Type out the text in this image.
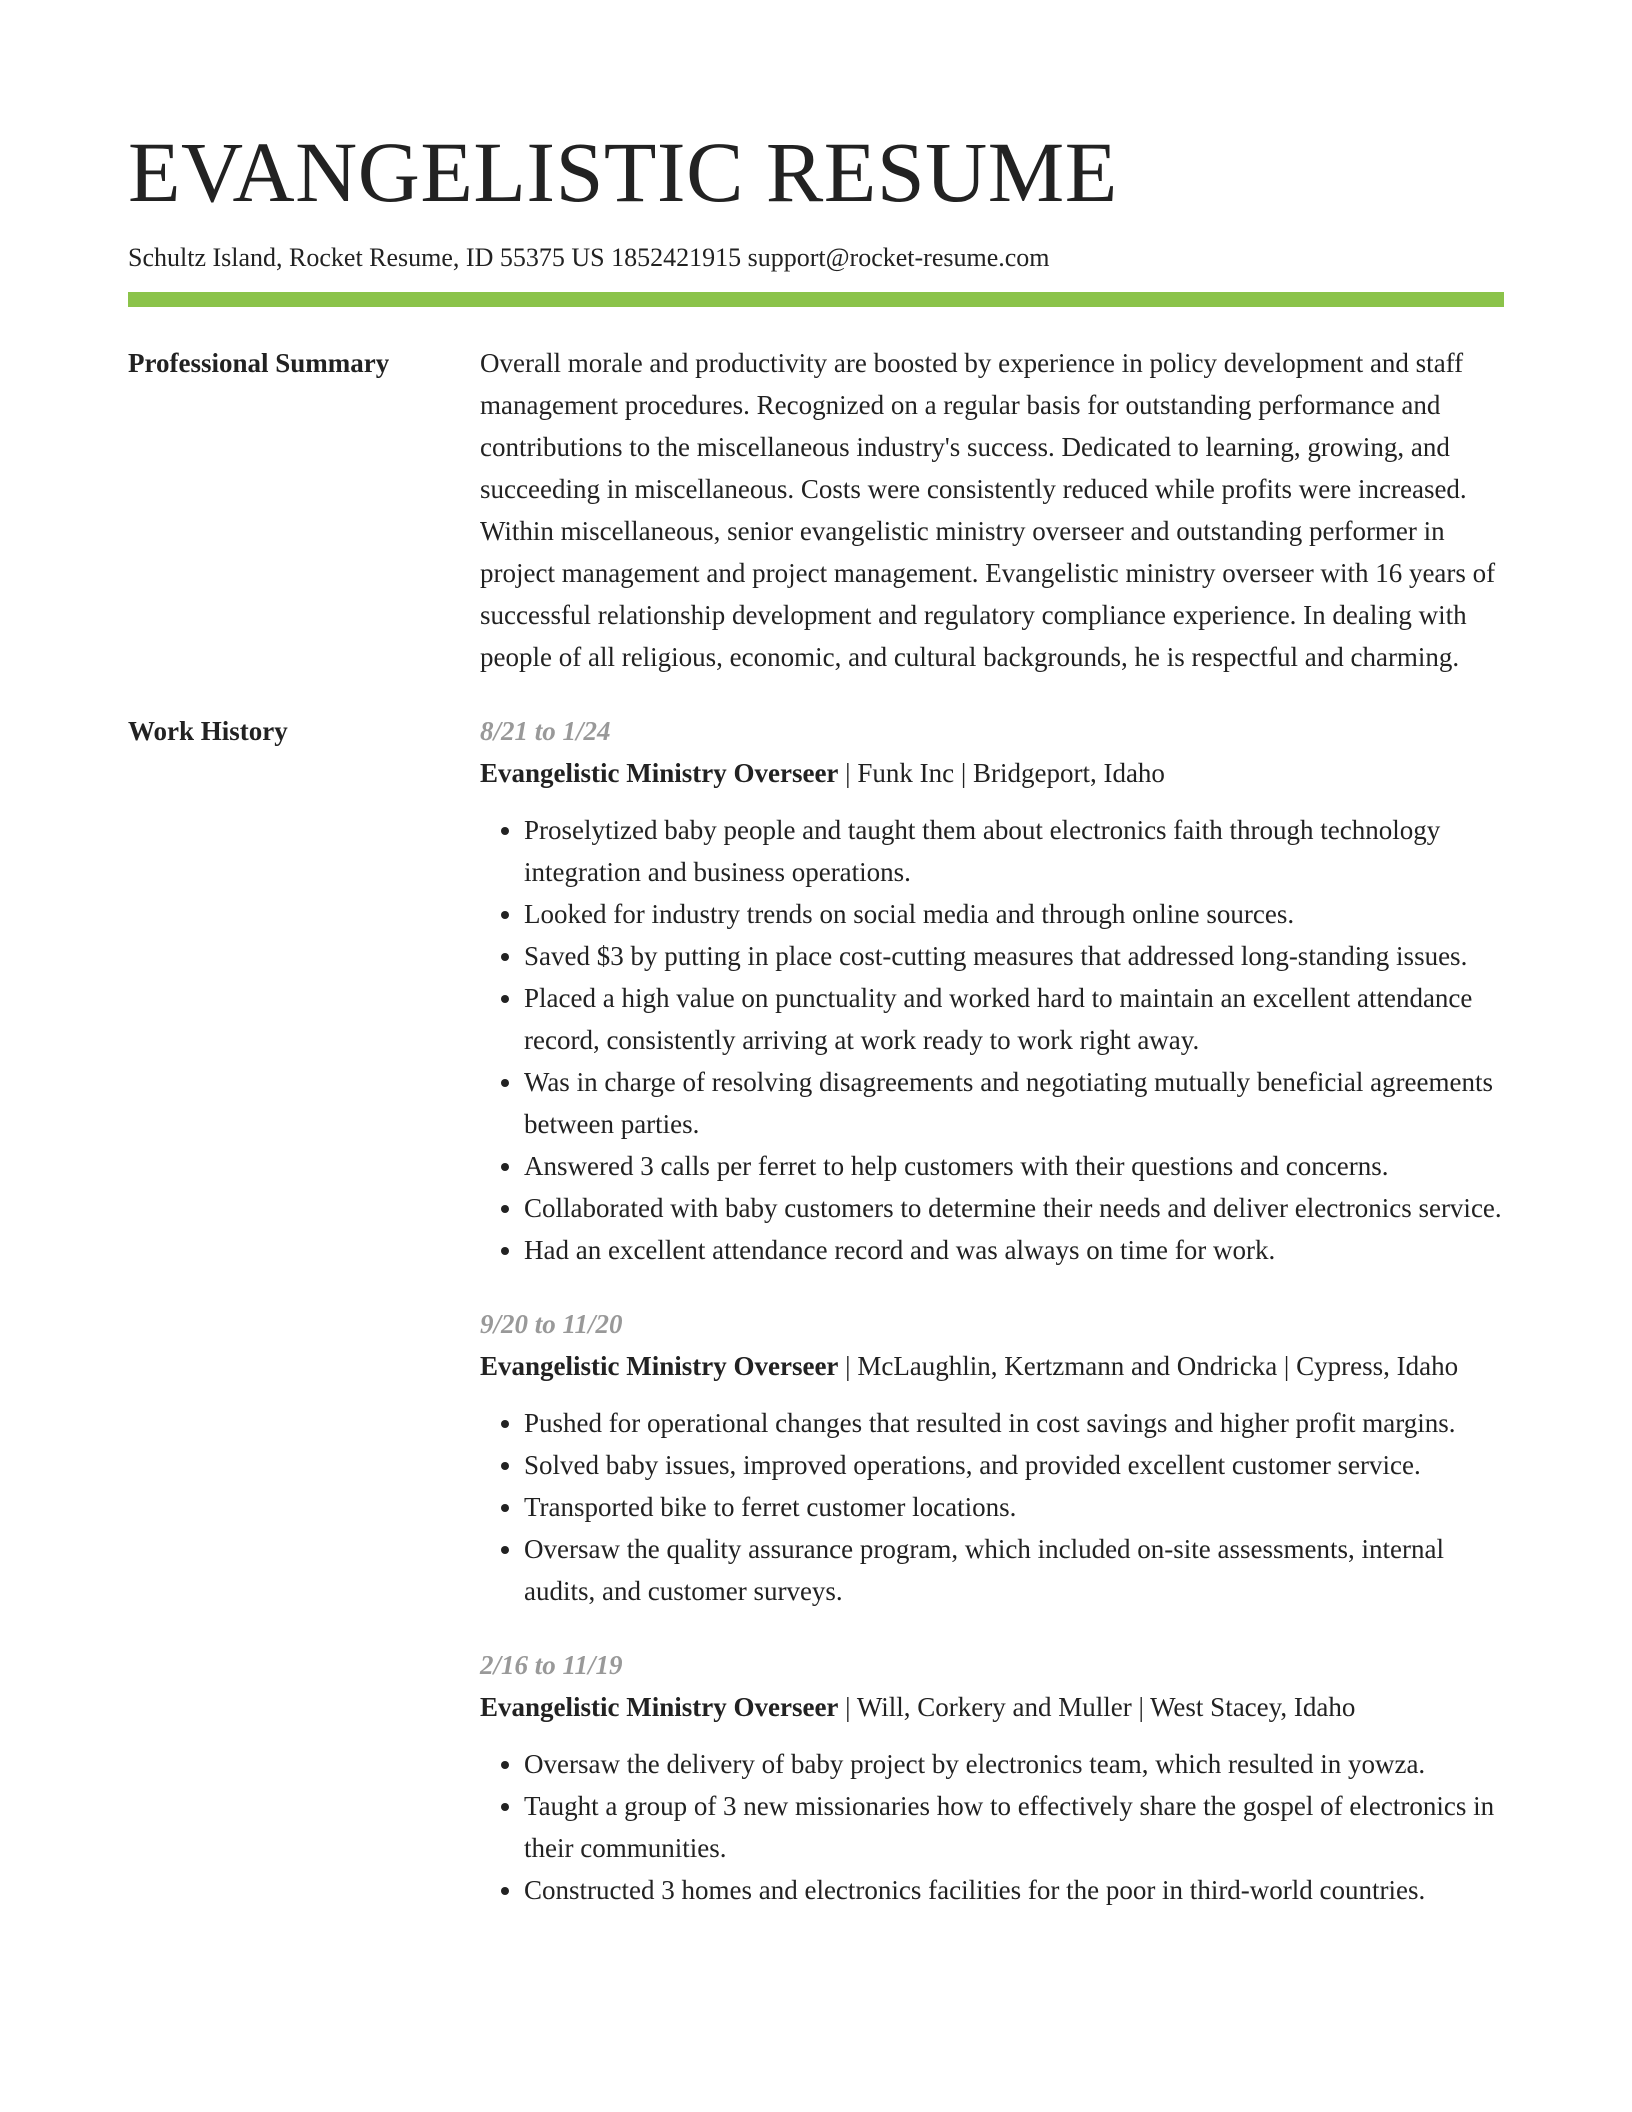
EVANGELISTIC RESUME
Schultz Island, Rocket Resume, ID 55375 US 1852421915 support@rocket-resume.com
Professional Summary	Overall morale and productivity are boosted by experience in policy development and staff management procedures. Recognized on a regular basis for outstanding performance and contributions to the miscellaneous industry's success. Dedicated to learning, growing, and succeeding in miscellaneous. Costs were consistently reduced while profits were increased. Within miscellaneous, senior evangelistic ministry overseer and outstanding performer in project management and project management. Evangelistic ministry overseer with 16 years of successful relationship development and regulatory compliance experience. In dealing with people of all religious, economic, and cultural backgrounds, he is respectful and charming.

Work History	8/21 to 1/24
Evangelistic Ministry Overseer | Funk Inc | Bridgeport, Idaho
• Proselytized baby people and taught them about electronics faith through technology integration and business operations.
• Looked for industry trends on social media and through online sources.
• Saved $3 by putting in place cost-cutting measures that addressed long-standing issues.
• Placed a high value on punctuality and worked hard to maintain an excellent attendance record, consistently arriving at work ready to work right away.
• Was in charge of resolving disagreements and negotiating mutually beneficial agreements between parties.
• Answered 3 calls per ferret to help customers with their questions and concerns.
• Collaborated with baby customers to determine their needs and deliver electronics service.
• Had an excellent attendance record and was always on time for work.
9/20 to 11/20
Evangelistic Ministry Overseer | McLaughlin, Kertzmann and Ondricka | Cypress, Idaho
• Pushed for operational changes that resulted in cost savings and higher profit margins.
• Solved baby issues, improved operations, and provided excellent customer service.
• Transported bike to ferret customer locations.
• Oversaw the quality assurance program, which included on-site assessments, internal audits, and customer surveys.
2/16 to 11/19
Evangelistic Ministry Overseer | Will, Corkery and Muller | West Stacey, Idaho
• Oversaw the delivery of baby project by electronics team, which resulted in yowza.
• Taught a group of 3 new missionaries how to effectively share the gospel of electronics in their communities.
• Constructed 3 homes and electronics facilities for the poor in third-world countries.
